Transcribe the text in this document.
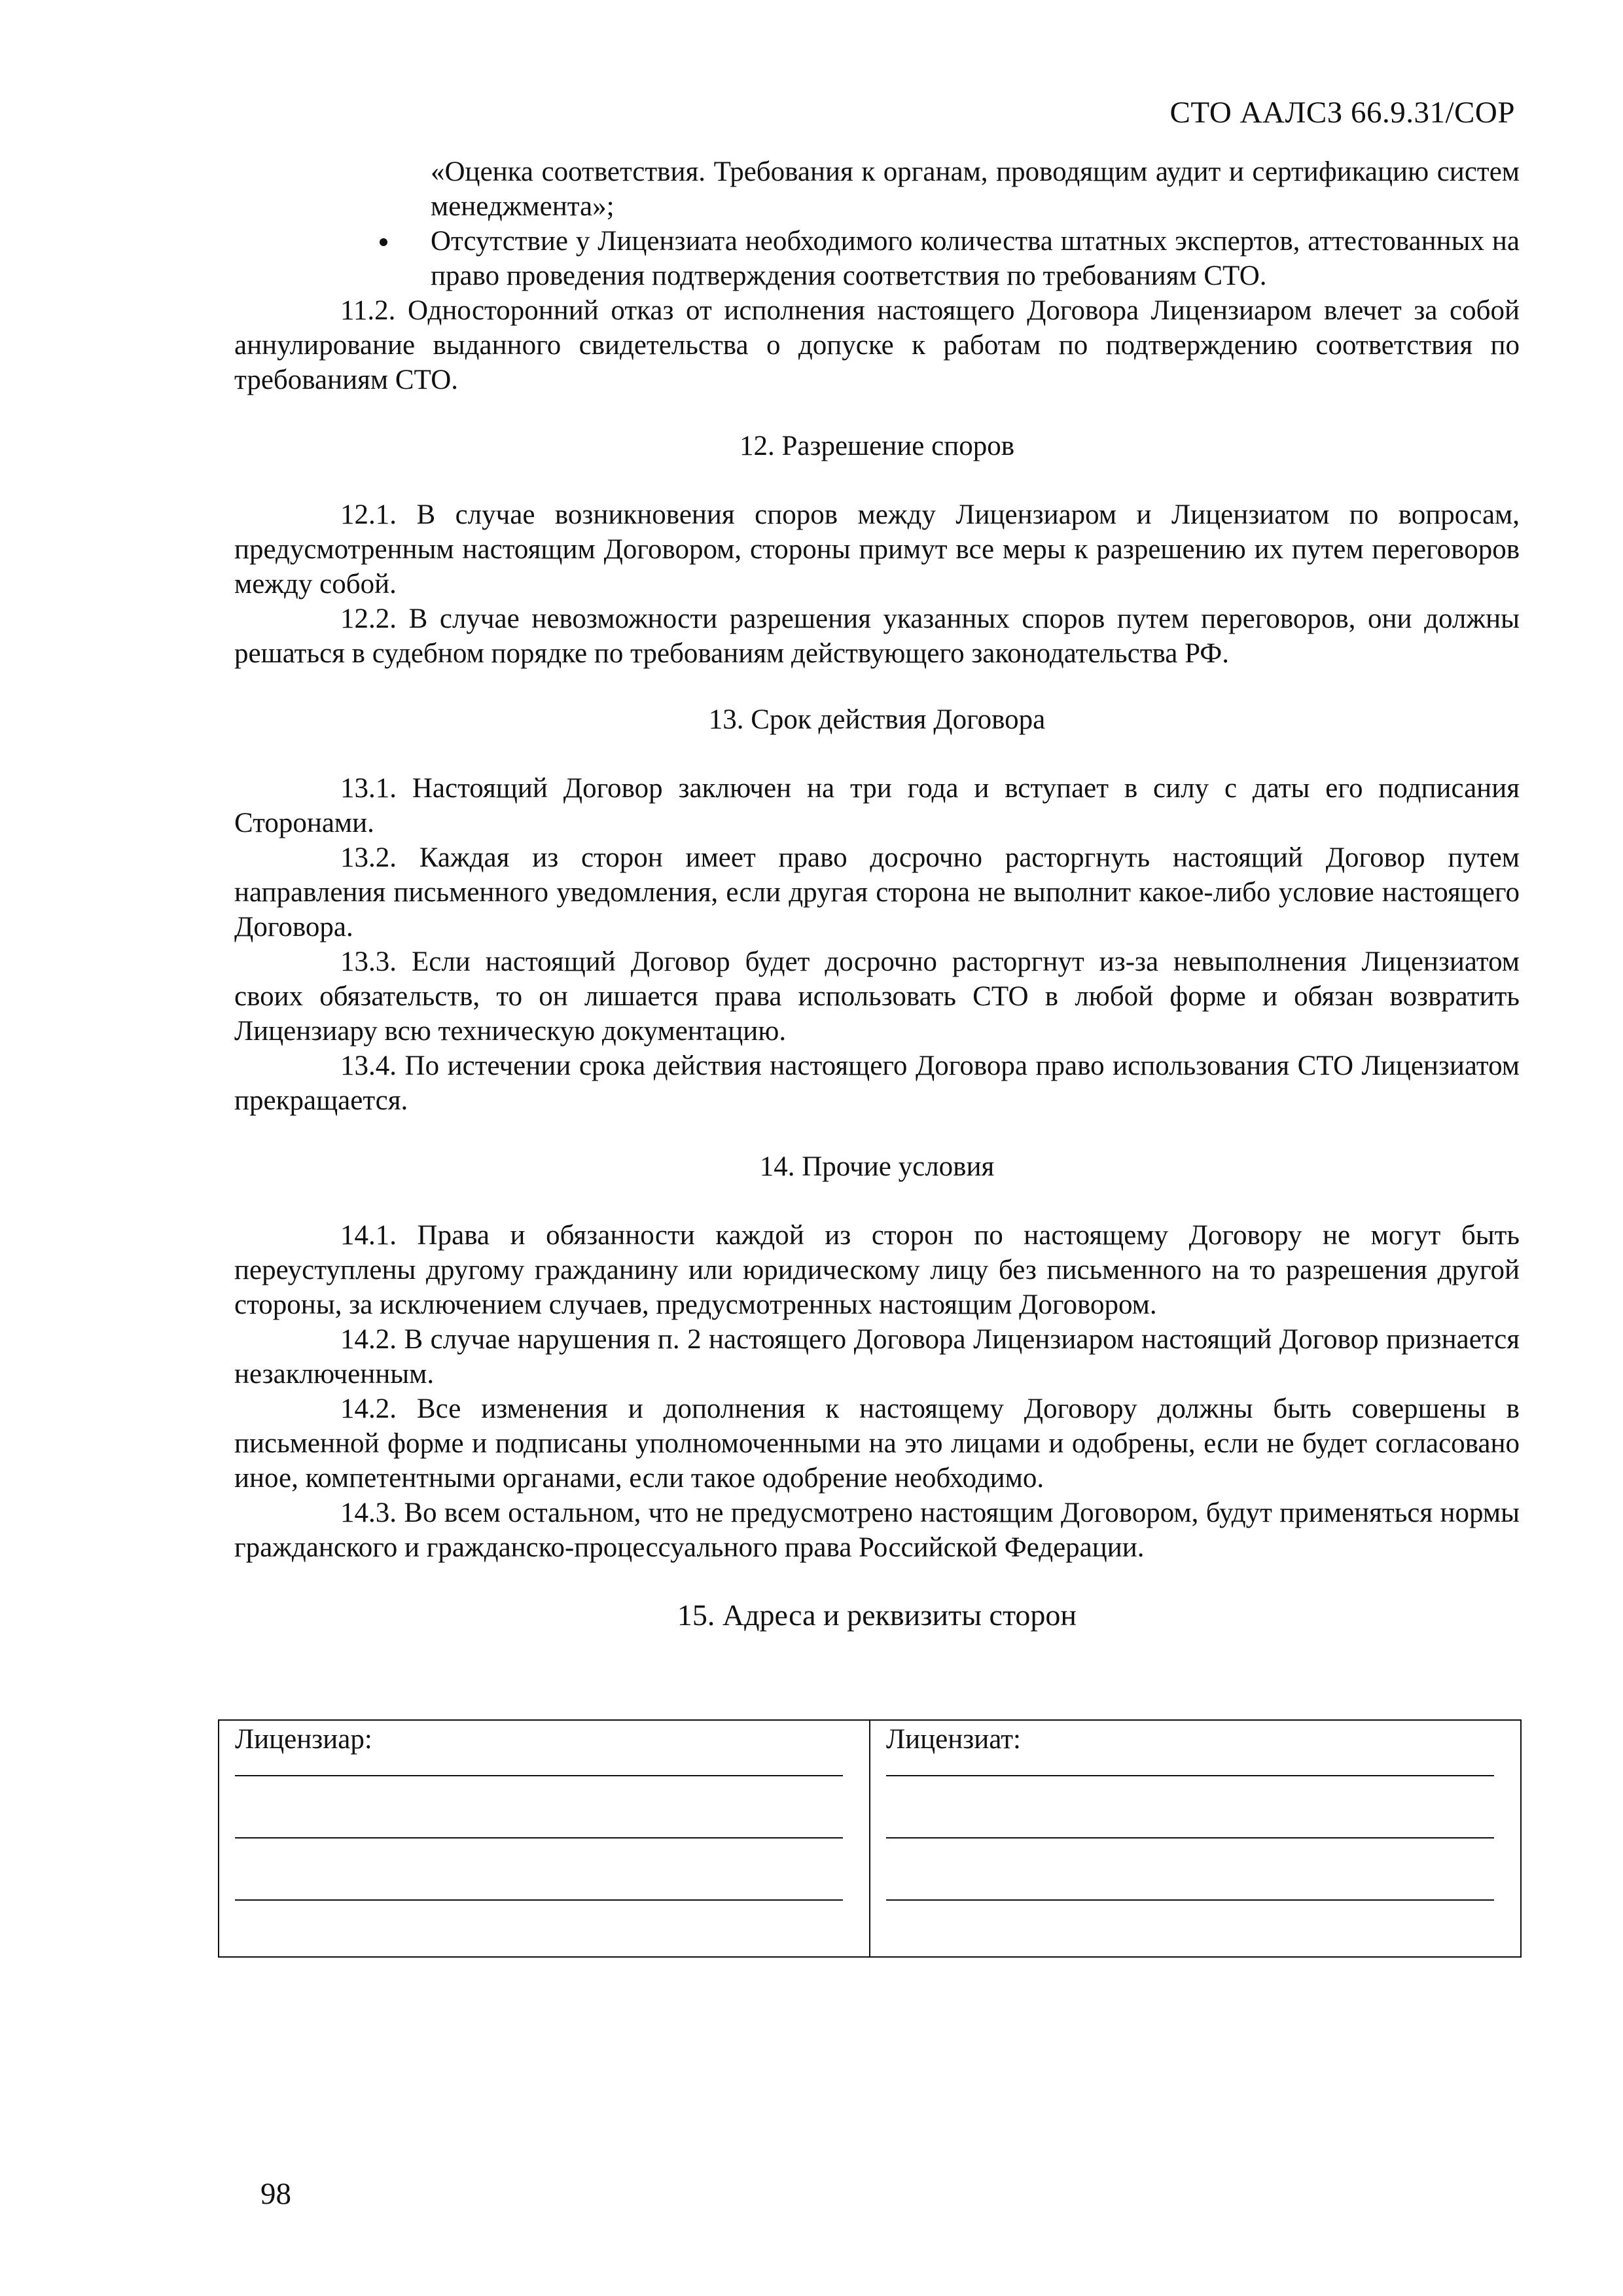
СТО ААЛСЗ 66.9.31/СОР

«Оценка соответствия. Требования к органам, проводящим аудит и сертификацию систем менеджмента»;

Отсутствие у Лицензиата необходимого количества штатных экспертов, аттестованных на право проведения подтверждения соответствия по требованиям СТО.

11.2. Односторонний отказ от исполнения настоящего Договора Лицензиаром влечет за собой аннулирование выданного свидетельства о допуске к работам по подтверждению соответствия по требованиям СТО.

12. Разрешение споров

12.1. В случае возникновения споров между Лицензиаром и Лицензиатом по вопросам, предусмотренным настоящим Договором, стороны примут все меры к разрешению их путем переговоров между собой.

12.2. В случае невозможности разрешения указанных споров путем переговоров, они должны решаться в судебном порядке по требованиям действующего законодательства РФ.

13. Срок действия Договора

13.1. Настоящий Договор заключен на три года и вступает в силу с даты его подписания Сторонами.

13.2. Каждая из сторон имеет право досрочно расторгнуть настоящий Договор путем направления письменного уведомления, если другая сторона не выполнит какое-либо условие настоящего Договора.

13.3. Если настоящий Договор будет досрочно расторгнут из-за невыполнения Лицензиатом своих обязательств, то он лишается права использовать СТО в любой форме и обязан возвратить Лицензиару всю техническую документацию.

13.4. По истечении срока действия настоящего Договора право использования СТО Лицензиатом прекращается.

14. Прочие условия

14.1. Права и обязанности каждой из сторон по настоящему Договору не могут быть переуступлены другому гражданину или юридическому лицу без письменного на то разрешения другой стороны, за исключением случаев, предусмотренных настоящим Договором.

14.2. В случае нарушения п. 2 настоящего Договора Лицензиаром настоящий Договор признается незаключенным.

14.2. Все изменения и дополнения к настоящему Договору должны быть совершены в письменной форме и подписаны уполномоченными на это лицами и одобрены, если не будет согласовано иное, компетентными органами, если такое одобрение необходимо.

14.3. Во всем остальном, что не предусмотрено настоящим Договором, будут применяться нормы гражданского и гражданско-процессуального права Российской Федерации.

15. Адреса и реквизиты сторон
Лицензиар:	Лицензиат:
98
